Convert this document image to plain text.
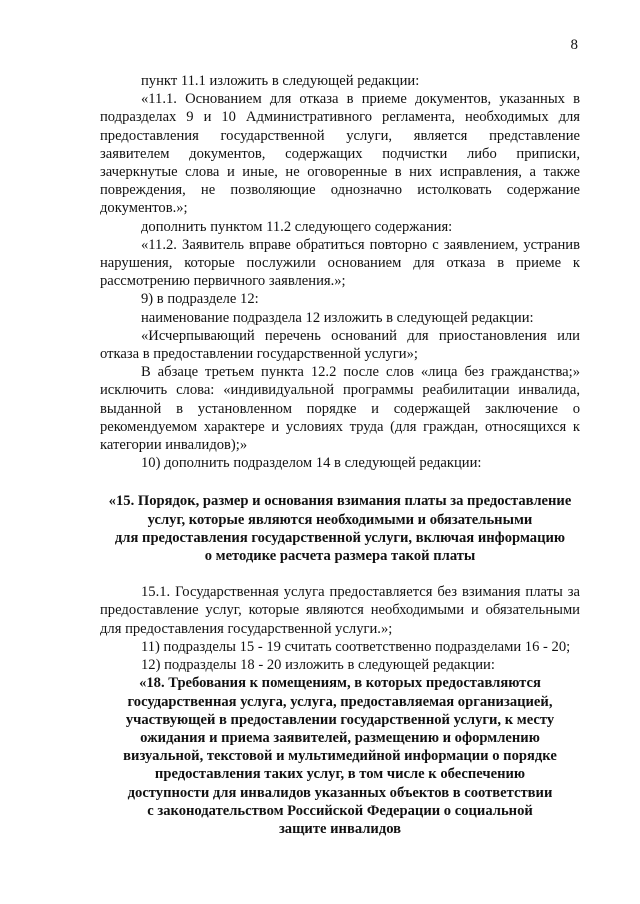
8

пункт 11.1 изложить в следующей редакции:

«11.1. Основанием для отказа в приеме документов, указанных в подразделах 9 и 10 Административного регламента, необходимых для предоставления государственной услуги, является представление заявителем документов, содержащих подчистки либо приписки, зачеркнутые слова и иные, не оговоренные в них исправления, а также повреждения, не позволяющие однозначно истолковать содержание документов.»;

дополнить пунктом 11.2 следующего содержания:

«11.2. Заявитель вправе обратиться повторно с заявлением, устранив нарушения, которые послужили основанием для отказа в приеме к рассмотрению первичного заявления.»;

9) в подразделе 12:

наименование подраздела 12 изложить в следующей редакции:

«Исчерпывающий перечень оснований для приостановления или отказа в предоставлении государственной услуги»;

В абзаце третьем пункта 12.2 после слов «лица без гражданства;» исключить слова: «индивидуальной программы реабилитации инвалида, выданной в установленном порядке и содержащей заключение о рекомендуемом характере и условиях труда (для граждан, относящихся к категории инвалидов);»

10) дополнить подразделом 14 в следующей редакции:

«15. Порядок, размер и основания взимания платы за предоставление

услуг, которые являются необходимыми и обязательными

для предоставления государственной услуги, включая информацию

о методике расчета размера такой платы

15.1. Государственная услуга предоставляется без взимания платы за предоставление услуг, которые являются необходимыми и обязательными для предоставления государственной услуги.»;

11) подразделы 15 - 19 считать соответственно подразделами 16 - 20;

12) подразделы 18 - 20 изложить в следующей редакции:

«18. Требования к помещениям, в которых предоставляются

государственная услуга, услуга, предоставляемая организацией,

участвующей в предоставлении государственной услуги, к месту

ожидания и приема заявителей, размещению и оформлению

визуальной, текстовой и мультимедийной информации о порядке

предоставления таких услуг, в том числе к обеспечению

доступности для инвалидов указанных объектов в соответствии

с законодательством Российской Федерации о социальной

защите инвалидов
